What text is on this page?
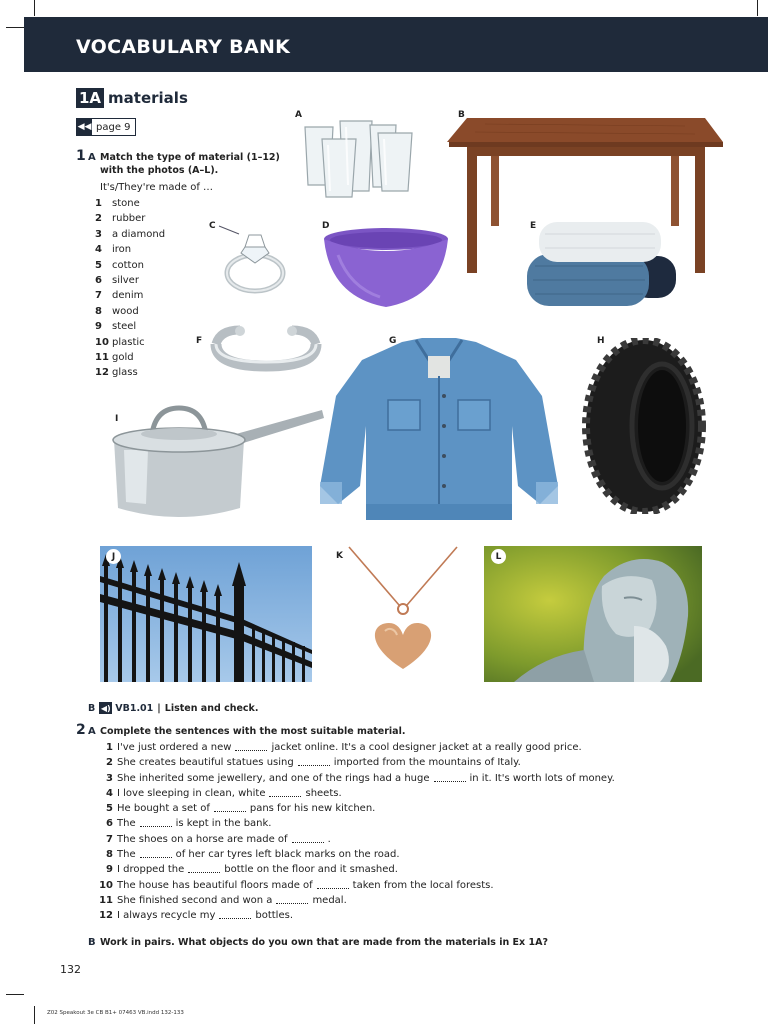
VOCABULARY BANK
1A materials
◀◀ page 9
1 A Match the type of material (1–12)
with the photos (A–L).
It's/They're made of …
1	stone
2	rubber
3	a diamond
4	iron
5	cotton
6	silver
7	denim
8	wood
9	steel
10 plastic
11 gold
12 glass
A	B
C	D	E
F	G	H
I
J	K	L
B ◀) VB1.01 | Listen and check.
2 A Complete the sentences with the most suitable material.
1 I've just ordered a new	jacket online. It's a cool designer jacket at a really good price.
2 She creates beautiful statues using	imported from the mountains of Italy.
3 She inherited some jewellery, and one of the rings had a huge	in it. It's worth lots of money.
4 I love sleeping in clean, white	sheets.
5 He bought a set of	pans for his new kitchen.
6 The	is kept in the bank.
7 The shoes on a horse are made of	.
8 The	of her car tyres left black marks on the road.
9 I dropped the	bottle on the floor and it smashed.
10 The house has beautiful floors made of	taken from the local forests.
11 She finished second and won a	medal.
12 I always recycle my	bottles.
B Work in pairs. What objects do you own that are made from the materials in Ex 1A?
132
Z02 Speakout 3e CB B1+ 07463 VB.indd 132-133
